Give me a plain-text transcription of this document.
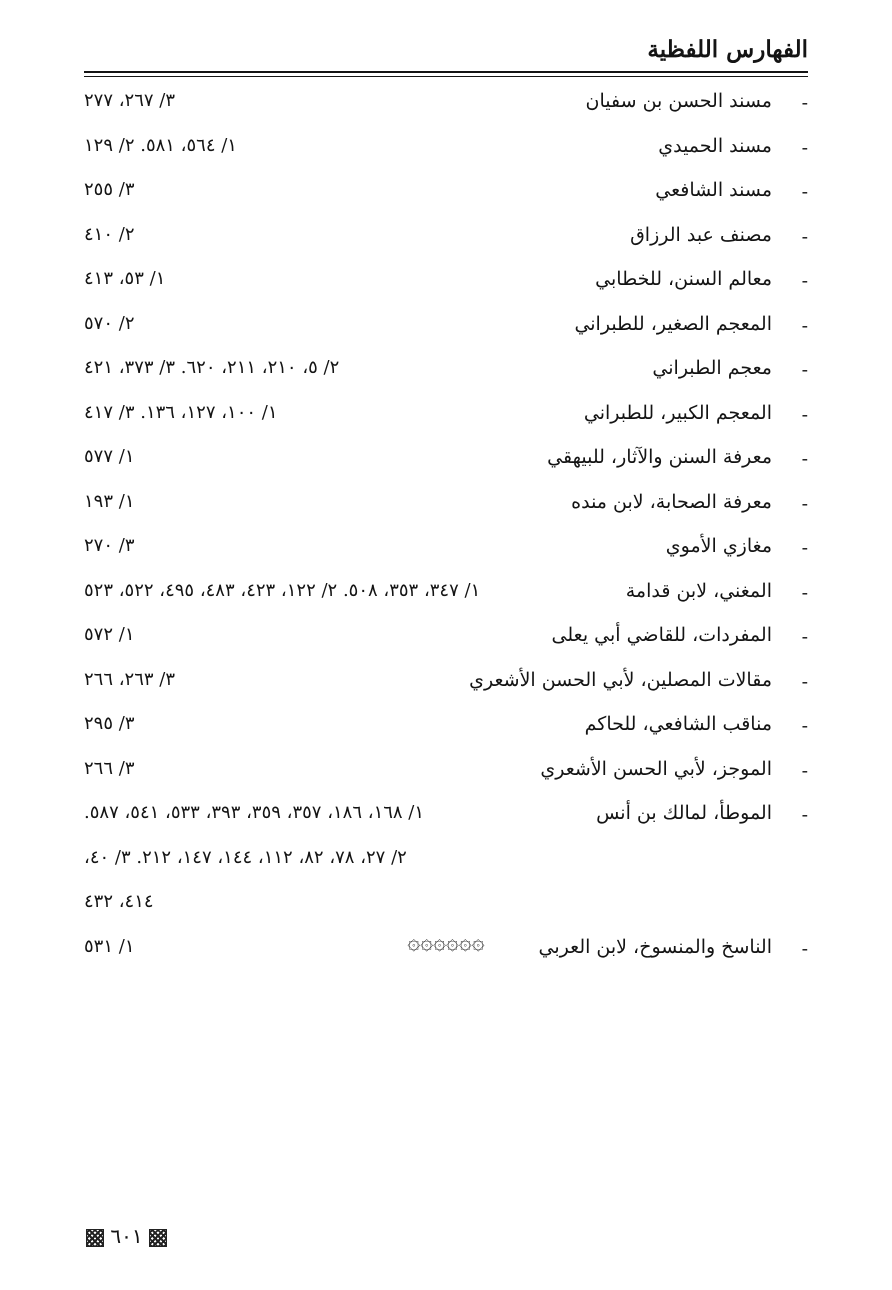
الفهارس اللفظية
-
مسند الحسن بن سفيان
٣/ ٢٦٧، ٢٧٧
-
مسند الحميدي
١/ ٥٦٤، ٥٨١. ٢/ ١٢٩
-
مسند الشافعي
٣/ ٢٥٥
-
مصنف عبد الرزاق
٢/ ٤١٠
-
معالم السنن، للخطابي
١/ ٥٣، ٤١٣
-
المعجم الصغير، للطبراني
٢/ ٥٧٠
-
معجم الطبراني
٢/ ٥، ٢١٠، ٢١١، ٦٢٠. ٣/ ٣٧٣، ٤٢١
-
المعجم الكبير، للطبراني
١/ ١٠٠، ١٢٧، ١٣٦. ٣/ ٤١٧
-
معرفة السنن والآثار، للبيهقي
١/ ٥٧٧
-
معرفة الصحابة، لابن منده
١/ ١٩٣
-
مغازي الأموي
٣/ ٢٧٠
-
المغني، لابن قدامة
١/ ٣٤٧، ٣٥٣، ٥٠٨. ٢/ ١٢٢، ٤٢٣، ٤٨٣، ٤٩٥، ٥٢٢، ٥٢٣
-
المفردات، للقاضي أبي يعلى
١/ ٥٧٢
-
مقالات المصلين، لأبي الحسن الأشعري
٣/ ٢٦٣، ٢٦٦
-
مناقب الشافعي، للحاكم
٣/ ٢٩٥
-
الموجز، لأبي الحسن الأشعري
٣/ ٢٦٦
-
الموطأ، لمالك بن أنس
١/ ١٦٨، ١٨٦، ٣٥٧، ٣٥٩، ٣٩٣، ٥٣٣، ٥٤١، ٥٨٧.
٢/ ٢٧، ٧٨، ٨٢، ١١٢، ١٤٤، ١٤٧، ٢١٢. ٣/ ٤٠،
٤١٤، ٤٣٢
-
الناسخ والمنسوخ، لابن العربي
١/ ٥٣١	۞۞۞۞۞۞
٦٠١
